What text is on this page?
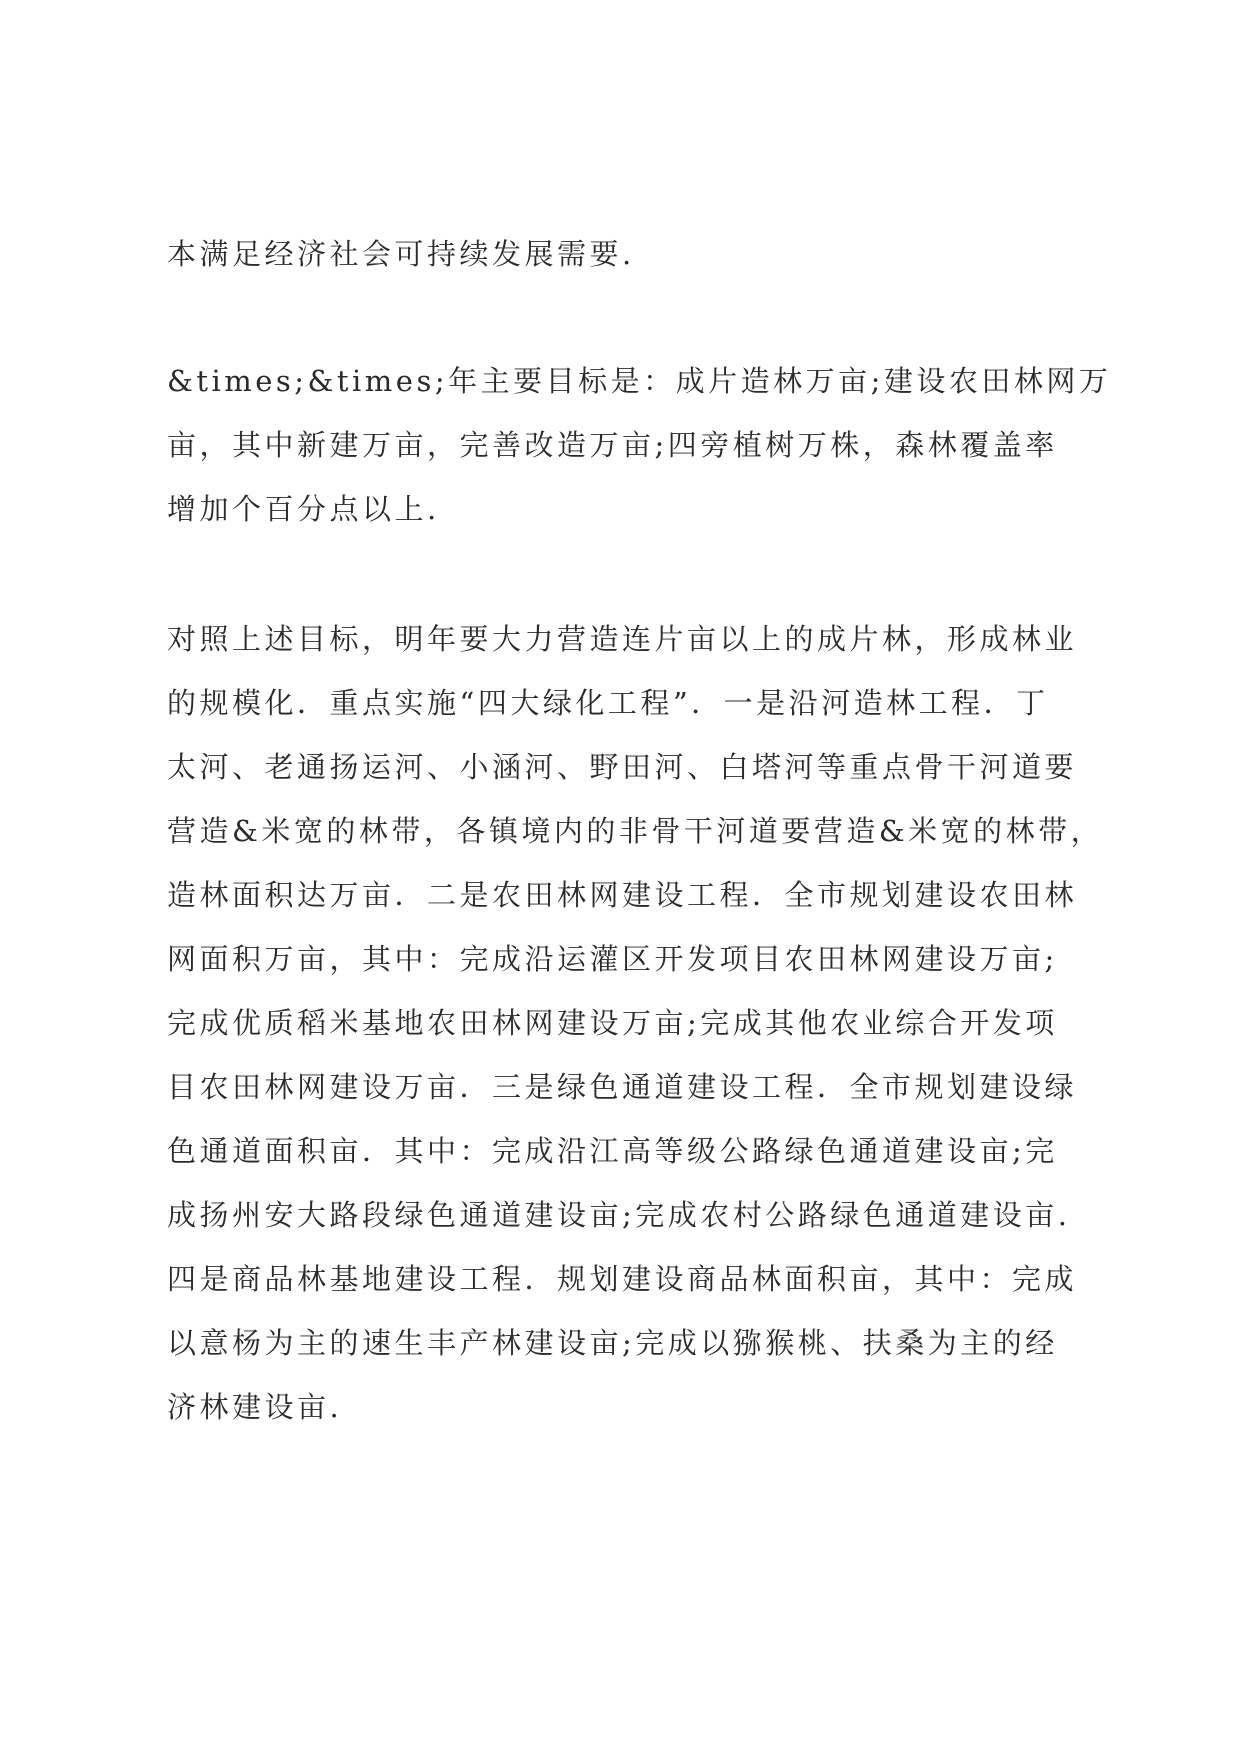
本满足经济社会可持续发展需要.
&times;&times;年主要目标是：成片造林万亩;建设农田林网万
亩，其中新建万亩，完善改造万亩;四旁植树万株，森林覆盖率
增加个百分点以上.
对照上述目标，明年要大力营造连片亩以上的成片林，形成林业
的规模化．重点实施“四大绿化工程”．一是沿河造林工程．丁
太河、老通扬运河、小涵河、野田河、白塔河等重点骨干河道要
营造&米宽的林带，各镇境内的非骨干河道要营造&米宽的林带，
造林面积达万亩．二是农田林网建设工程．全市规划建设农田林
网面积万亩，其中：完成沿运灌区开发项目农田林网建设万亩;
完成优质稻米基地农田林网建设万亩;完成其他农业综合开发项
目农田林网建设万亩．三是绿色通道建设工程．全市规划建设绿
色通道面积亩．其中：完成沿江高等级公路绿色通道建设亩;完
成扬州安大路段绿色通道建设亩;完成农村公路绿色通道建设亩.
四是商品林基地建设工程．规划建设商品林面积亩，其中：完成
以意杨为主的速生丰产林建设亩;完成以猕猴桃、扶桑为主的经
济林建设亩.
